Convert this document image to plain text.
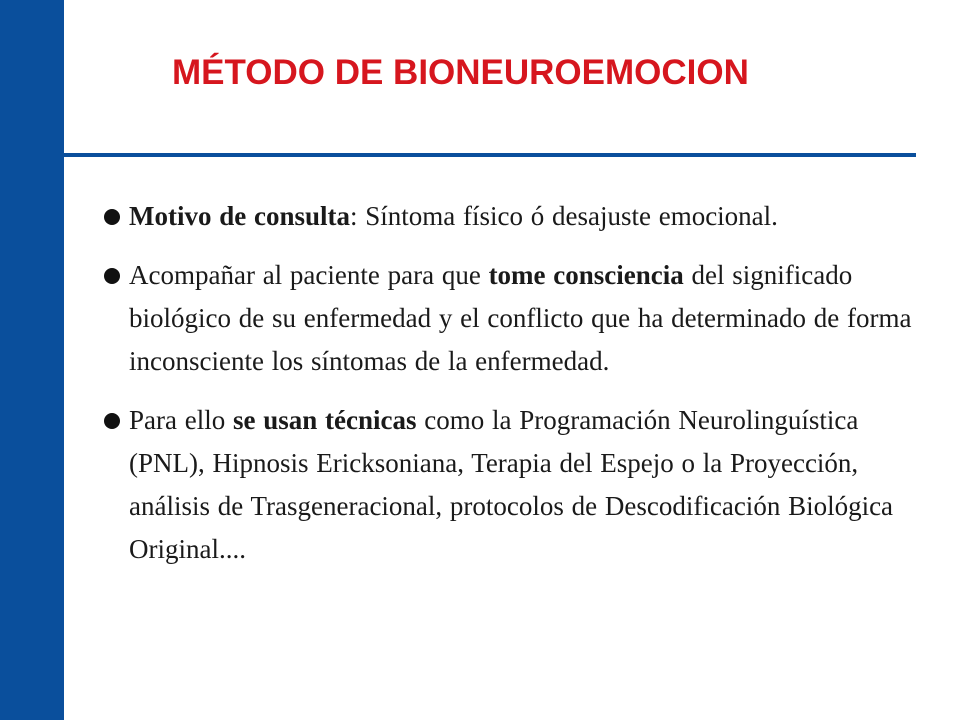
MÉTODO DE BIONEUROEMOCION
Motivo de consulta: Síntoma físico ó desajuste emocional.
Acompañar al paciente para que tome consciencia del significado biológico de su enfermedad y el conflicto que ha determinado de forma inconsciente los síntomas de la enfermedad.
Para ello se usan técnicas como la Programación Neurolinguística (PNL), Hipnosis Ericksoniana, Terapia del Espejo o la Proyección, análisis de Trasgeneracional, protocolos de Descodificación Biológica Original....
